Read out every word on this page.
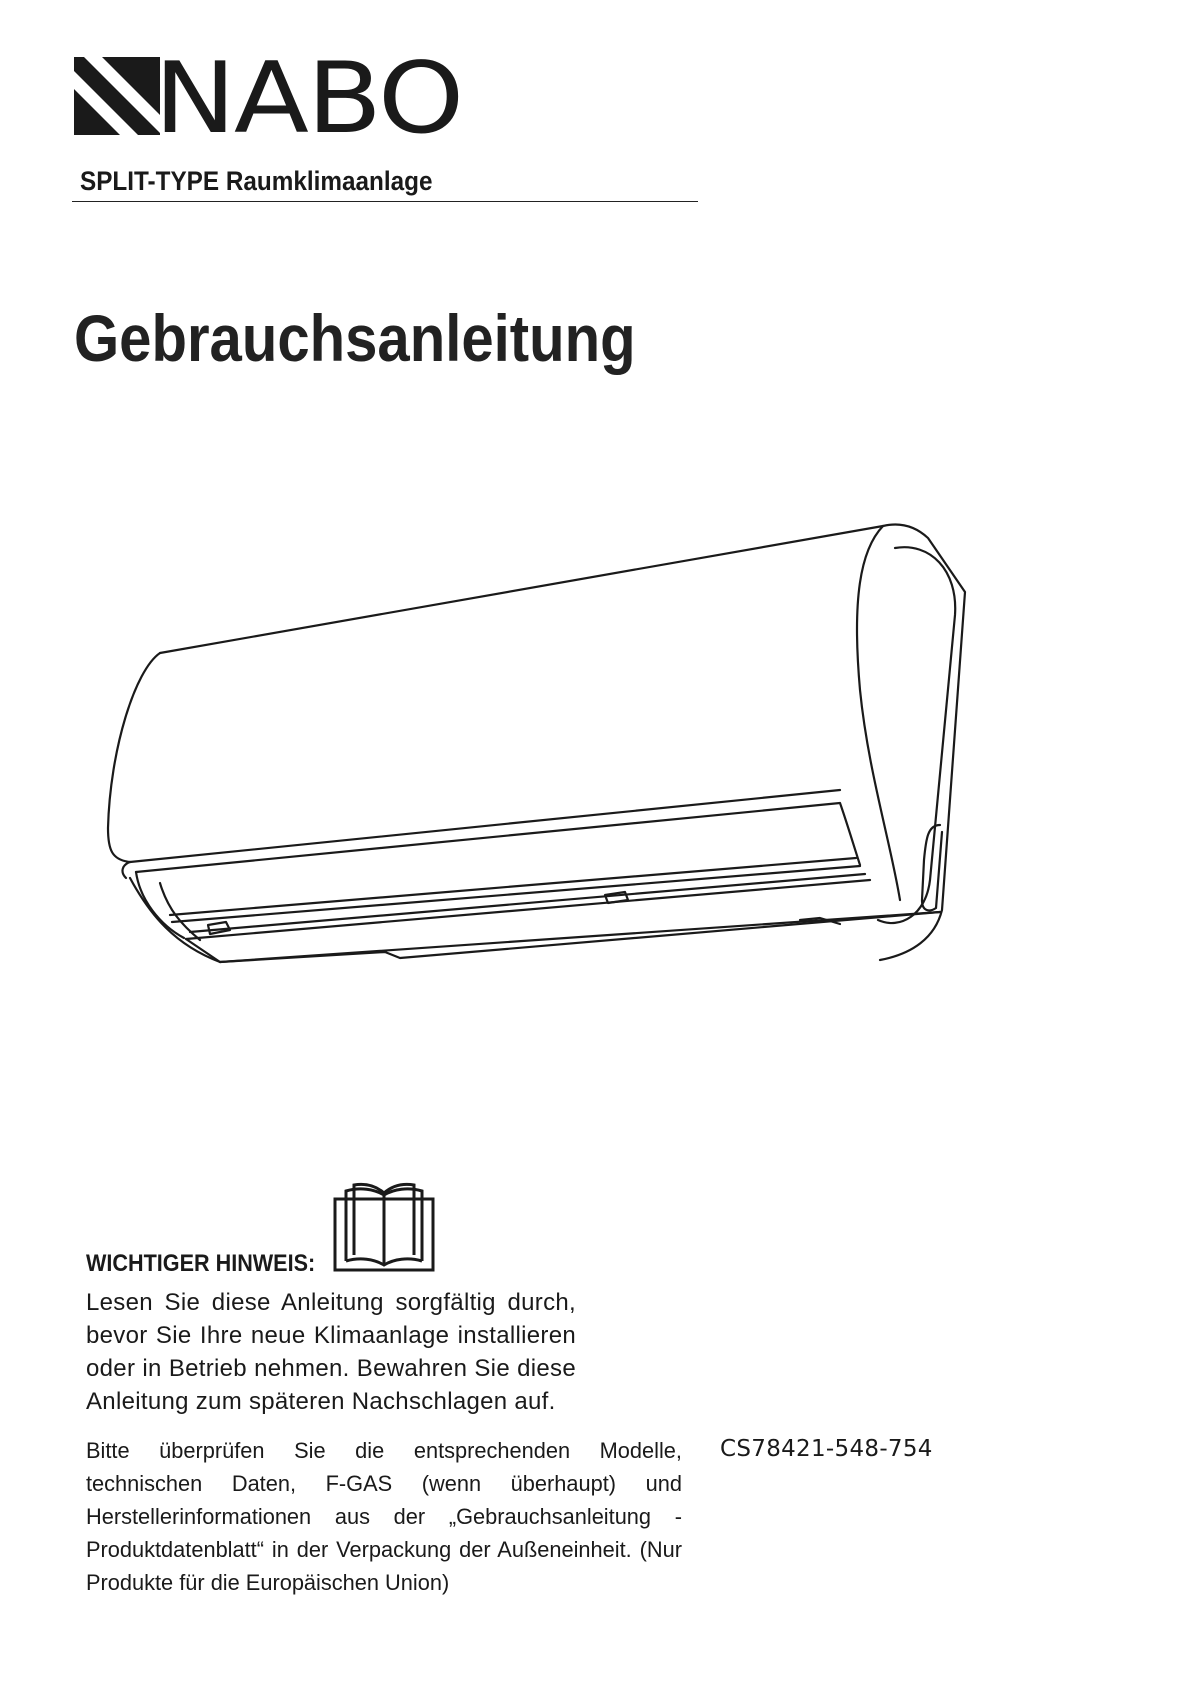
NABO
SPLIT-TYPE Raumklimaanlage
Gebrauchsanleitung
WICHTIGER HINWEIS:
Lesen Sie diese Anleitung sorgfältig durch, bevor Sie Ihre neue Klimaanlage installieren oder in Betrieb nehmen. Bewahren Sie diese Anleitung zum späteren Nachschlagen auf.
Bitte überprüfen Sie die entsprechenden Modelle, technischen Daten, F-GAS (wenn überhaupt) und Herstellerinformationen aus der „Gebrauchsanleitung - Produktdatenblatt“ in der Verpackung der Außeneinheit. (Nur Produkte für die Europäischen Union)
CS78421-548-754
